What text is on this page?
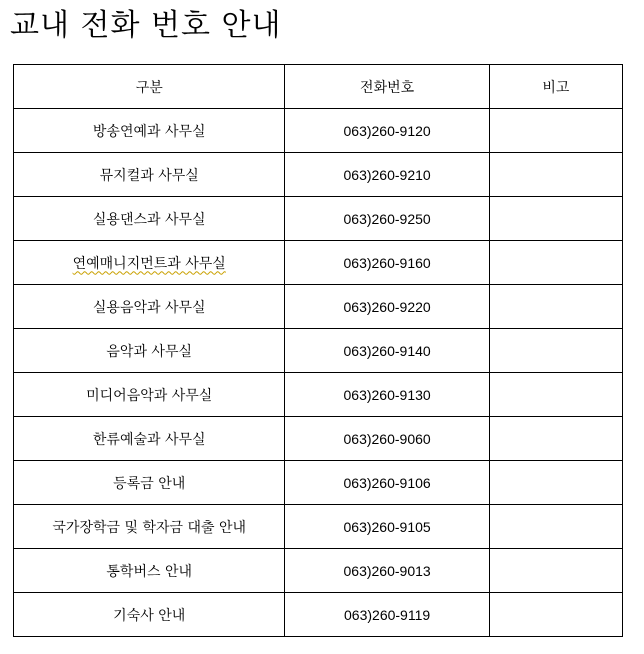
교내 전화 번호 안내
구분	전화번호	비고
방송연예과 사무실	063)260-9120	
뮤지컬과 사무실	063)260-9210	
실용댄스과 사무실	063)260-9250	
연예매니지먼트과 사무실	063)260-9160	
실용음악과 사무실	063)260-9220	
음악과 사무실	063)260-9140	
미디어음악과 사무실	063)260-9130	
한류예술과 사무실	063)260-9060	
등록금 안내	063)260-9106	
국가장학금 및 학자금 대출 안내	063)260-9105	
통학버스 안내	063)260-9013	
기숙사 안내	063)260-9119	
